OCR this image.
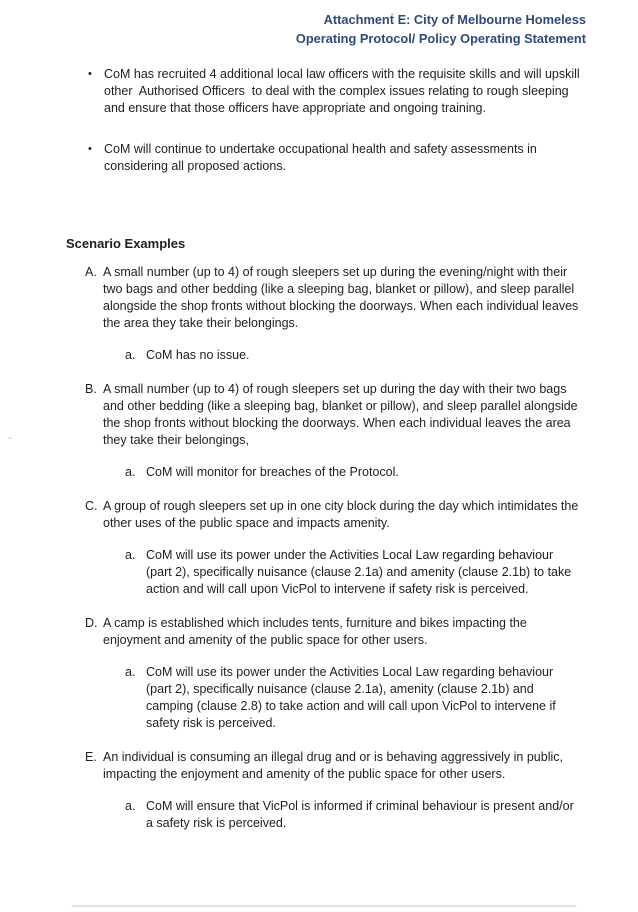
Attachment E: City of Melbourne Homeless
Operating Protocol/ Policy Operating Statement
• CoM has recruited 4 additional local law officers with the requisite skills and will upskill other  Authorised Officers  to deal with the complex issues relating to rough sleeping and ensure that those officers have appropriate and ongoing training.
• CoM will continue to undertake occupational health and safety assessments in considering all proposed actions.
Scenario Examples
A. A small number (up to 4) of rough sleepers set up during the evening/night with their two bags and other bedding (like a sleeping bag, blanket or pillow), and sleep parallel alongside the shop fronts without blocking the doorways. When each individual leaves the area they take their belongings.
a. CoM has no issue.
B. A small number (up to 4) of rough sleepers set up during the day with their two bags and other bedding (like a sleeping bag, blanket or pillow), and sleep parallel alongside the shop fronts without blocking the doorways. When each individual leaves the area they take their belongings,
a. CoM will monitor for breaches of the Protocol.
C. A group of rough sleepers set up in one city block during the day which intimidates the other uses of the public space and impacts amenity.
a. CoM will use its power under the Activities Local Law regarding behaviour (part 2), specifically nuisance (clause 2.1a) and amenity (clause 2.1b) to take action and will call upon VicPol to intervene if safety risk is perceived.
D. A camp is established which includes tents, furniture and bikes impacting the enjoyment and amenity of the public space for other users.
a. CoM will use its power under the Activities Local Law regarding behaviour (part 2), specifically nuisance (clause 2.1a), amenity (clause 2.1b) and camping (clause 2.8) to take action and will call upon VicPol to intervene if safety risk is perceived.
E. An individual is consuming an illegal drug and or is behaving aggressively in public, impacting the enjoyment and amenity of the public space for other users.
a. CoM will ensure that VicPol is informed if criminal behaviour is present and/or a safety risk is perceived.
